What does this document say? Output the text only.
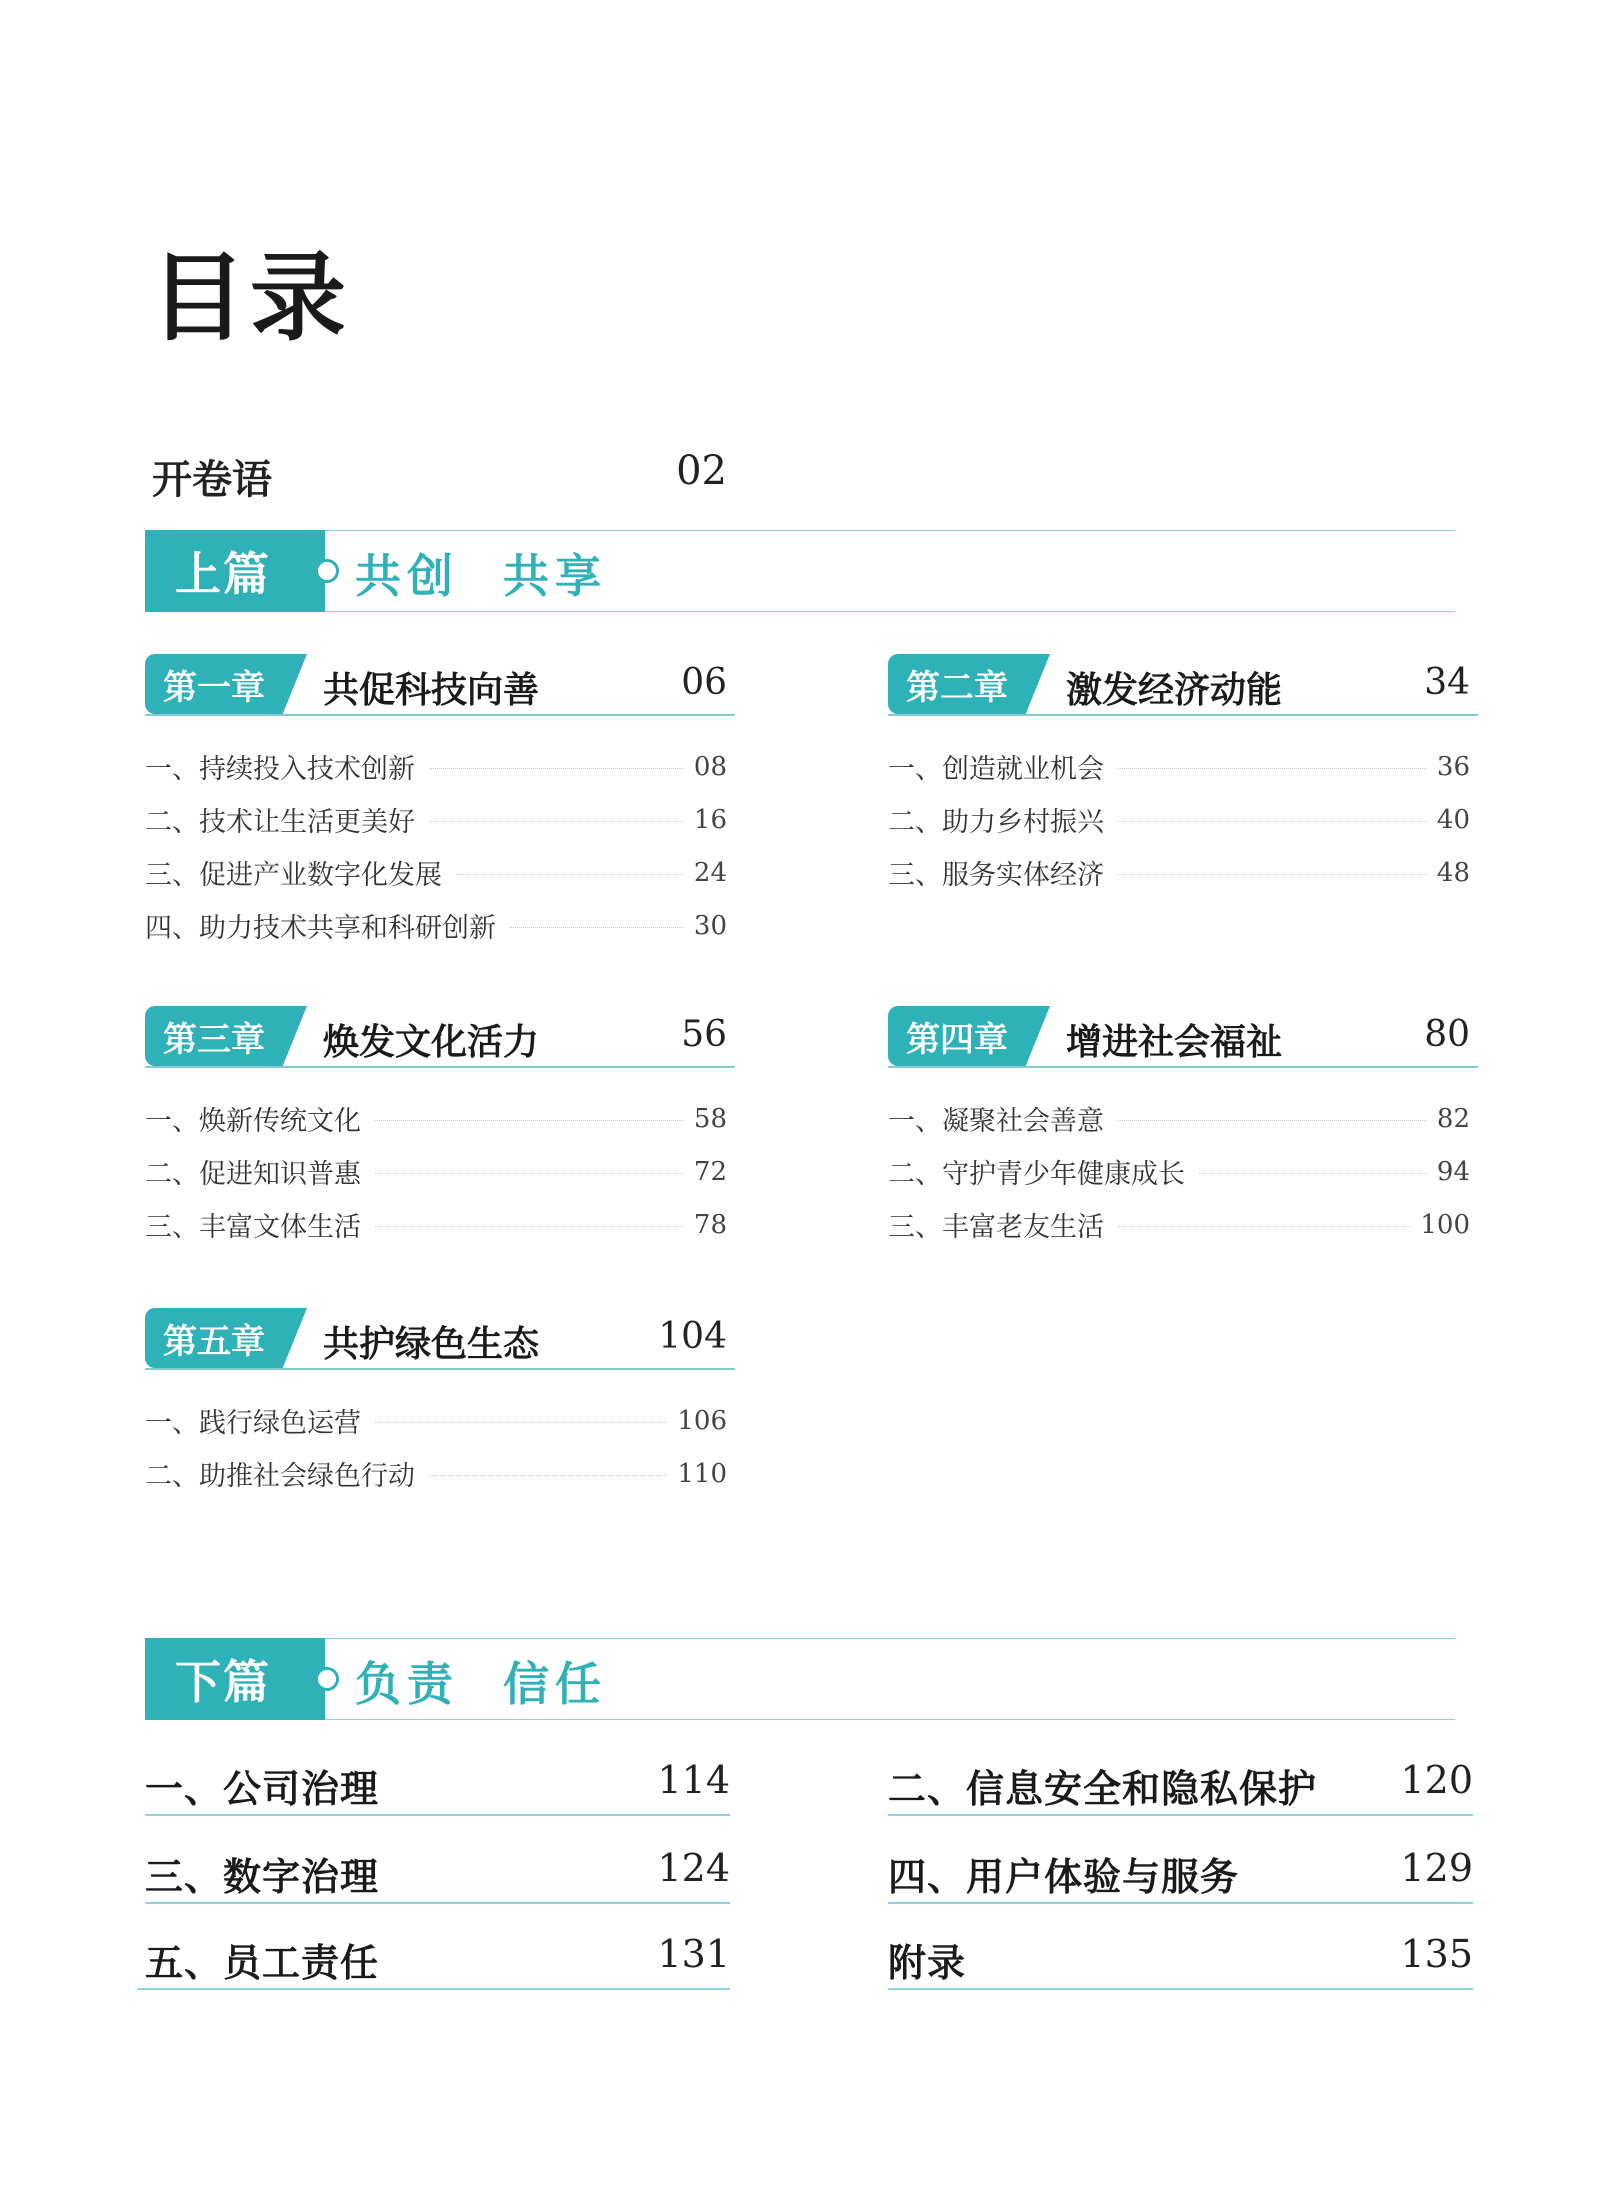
目录
开卷语	02
上篇	共创  共享
第一章 共促科技向善	06
一、持续投入技术创新	08
二、技术让生活更美好	16
三、促进产业数字化发展	24
四、助力技术共享和科研创新	30
第二章 激发经济动能	34
一、创造就业机会	36
二、助力乡村振兴	40
三、服务实体经济	48
第三章 焕发文化活力	56
一、焕新传统文化	58
二、促进知识普惠	72
三、丰富文体生活	78
第四章 增进社会福祉	80
一、凝聚社会善意	82
二、守护青少年健康成长	94
三、丰富老友生活	100
第五章 共护绿色生态	104
一、践行绿色运营	106
二、助推社会绿色行动	110
下篇	负责  信任
一、公司治理	114	二、信息安全和隐私保护 120
三、数字治理	124	四、用户体验与服务	129
五、员工责任	131	附录	135
